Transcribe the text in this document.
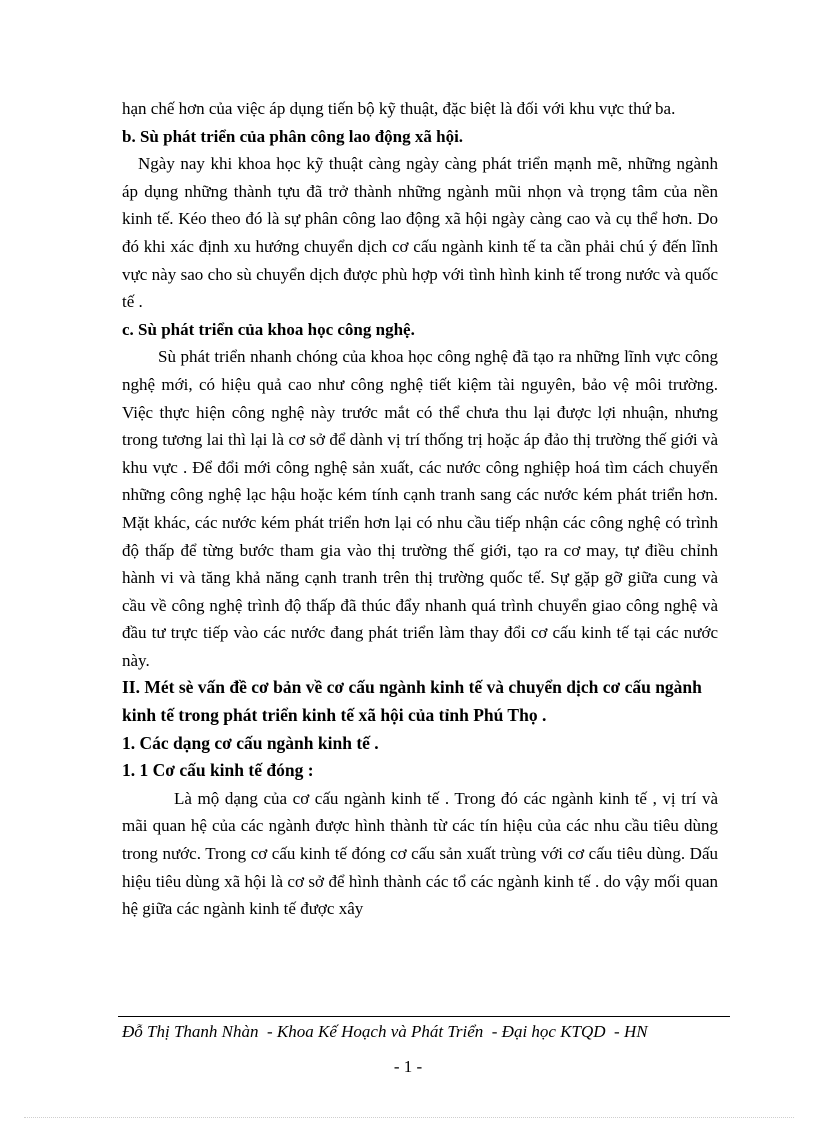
hạn chế hơn của việc áp dụng tiến bộ kỹ thuật, đặc biệt là đối với khu vực thứ ba.

b. Sù phát triển của phân công lao động xã hội.

Ngày nay khi khoa học kỹ thuật càng ngày càng phát triển mạnh mẽ, những ngành áp dụng những thành tựu đã trở thành những ngành mũi nhọn và trọng tâm của nền kinh tế. Kéo theo đó là sự phân công lao động xã hội ngày càng cao và cụ thể hơn. Do đó khi xác định xu hướng chuyển dịch cơ cấu ngành kinh tế ta cần phải chú ý đến lĩnh vực này sao cho sù chuyển dịch được phù hợp với tình hình kinh tế trong nước và quốc tế .

c. Sù phát triển của khoa học công nghệ.

Sù phát triển nhanh chóng của khoa học công nghệ đã tạo ra những lĩnh vực công nghệ mới, có hiệu quả cao như công nghệ tiết kiệm tài nguyên, bảo vệ môi trường. Việc thực hiện công nghệ này trước mắt có thể chưa thu lại được lợi nhuận, nhưng trong tương lai thì lại là cơ sở để dành vị trí thống trị hoặc áp đảo thị trường thế giới và khu vực . Để đổi mới công nghệ sản xuất, các nước công nghiệp hoá tìm cách chuyển những công nghệ lạc hậu hoặc kém tính cạnh tranh sang các nước kém phát triển hơn. Mặt khác, các nước kém phát triển hơn lại có nhu cầu tiếp nhận các công nghệ có trình độ thấp để từng bước tham gia vào thị trường thế giới, tạo ra cơ may, tự điều chỉnh hành vi và tăng khả năng cạnh tranh trên thị trường quốc tế. Sự gặp gỡ giữa cung và cầu về công nghệ trình độ thấp đã thúc đẩy nhanh quá trình chuyển giao công nghệ và đầu tư trực tiếp vào các nước đang phát triển làm thay đổi cơ cấu kinh tế tại các nước này.

II. Mét sè vấn đề cơ bản về cơ cấu ngành kinh tế và chuyển dịch cơ cấu ngành kinh tế trong phát triển kinh tế xã hội của tỉnh Phú Thọ .

1. Các dạng cơ cấu ngành kinh tế .

1. 1 Cơ cấu kinh tế đóng :

Là mộ dạng của cơ cấu ngành kinh tế . Trong đó các ngành kinh tế , vị trí và mãi quan hệ của các ngành được hình thành từ các tín hiệu của các nhu cầu tiêu dùng trong nước. Trong cơ cấu kinh tế đóng cơ cấu sản xuất trùng với cơ cấu tiêu dùng. Dấu hiệu tiêu dùng xã hội là cơ sở để hình thành các tổ các ngành kinh tế . do vậy mối quan hệ giữa các ngành kinh tế được xây

Đỗ Thị Thanh Nhàn  - Khoa Kế Hoạch và Phát Triển  - Đại học KTQD  - HN
- 1 -
